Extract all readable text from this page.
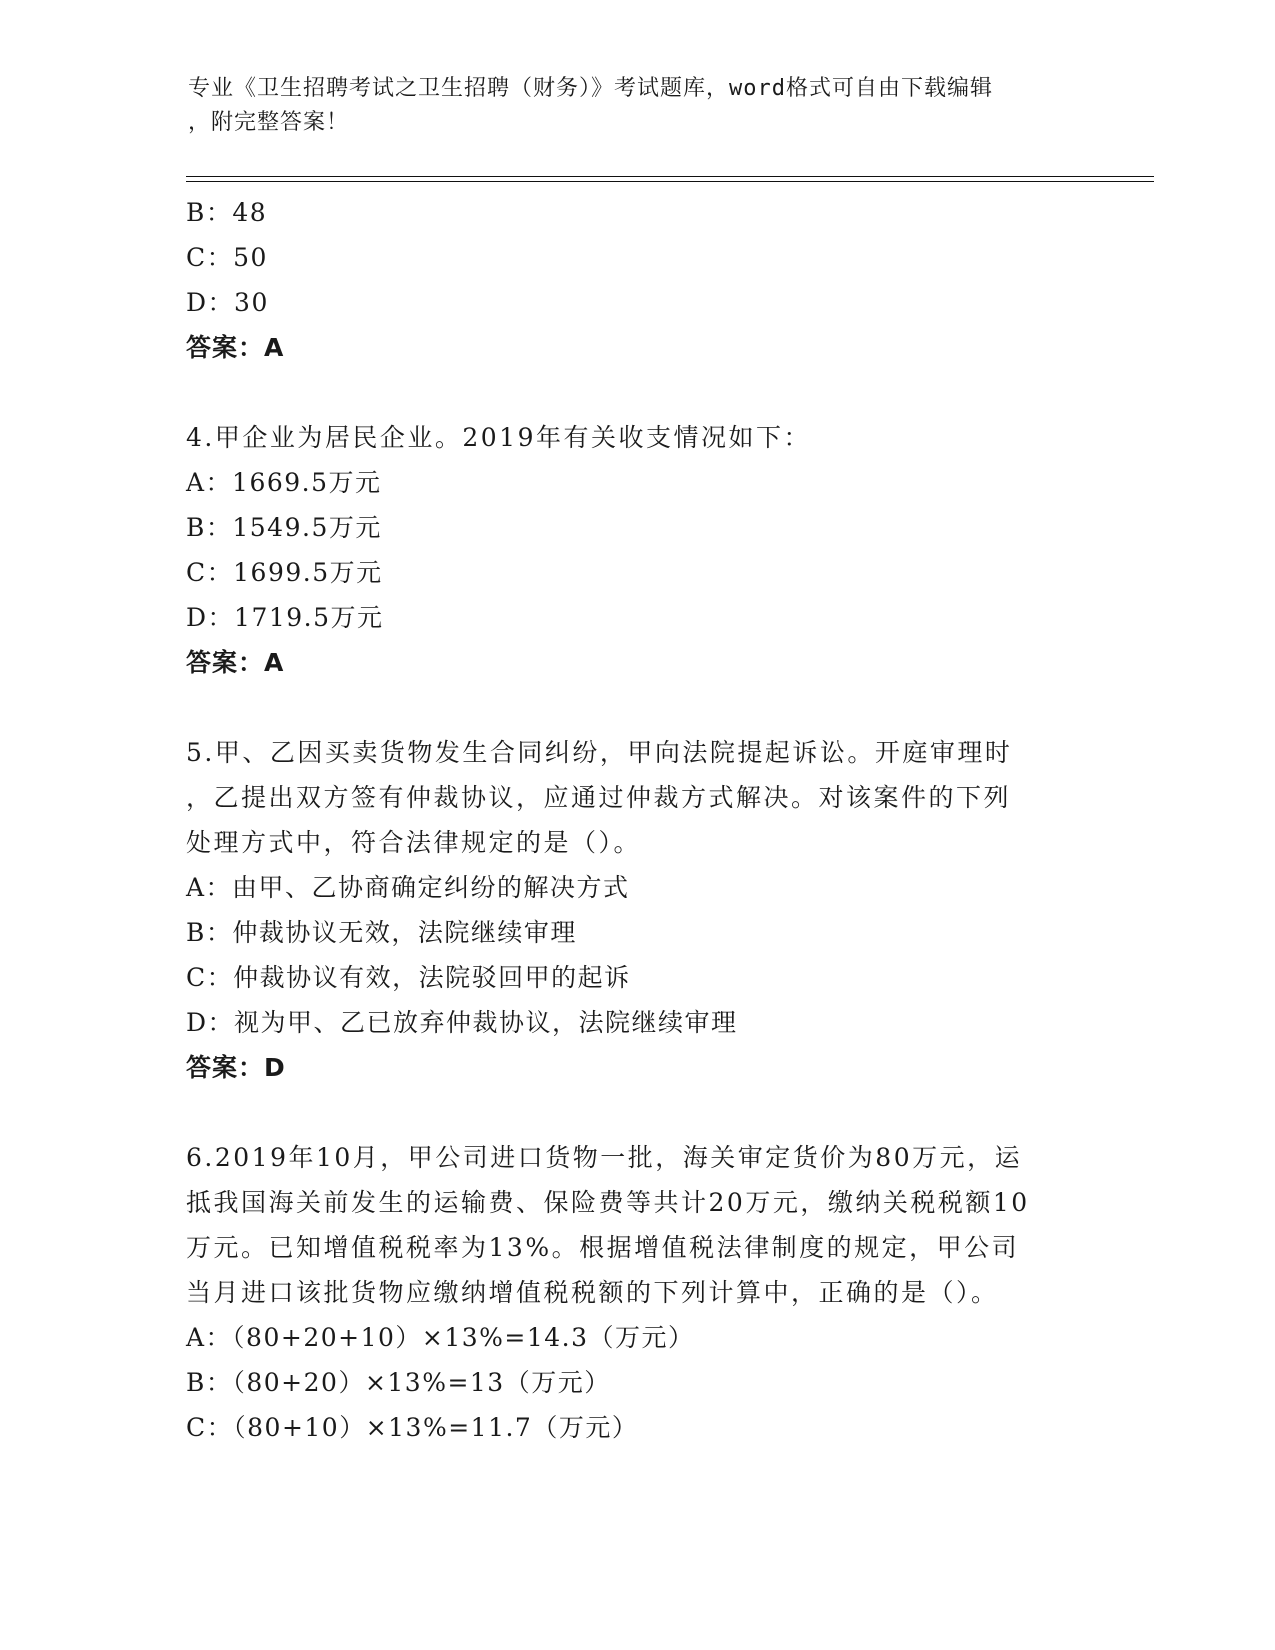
专业《卫生招聘考试之卫生招聘（财务）》考试题库，word格式可自由下载编辑
，附完整答案！
B：48
C：50
D：30
答案：A
4.甲企业为居民企业。2019年有关收支情况如下：
A：1669.5万元
B：1549.5万元
C：1699.5万元
D：1719.5万元
答案：A
5.甲、乙因买卖货物发生合同纠纷，甲向法院提起诉讼。开庭审理时
，乙提出双方签有仲裁协议，应通过仲裁方式解决。对该案件的下列
处理方式中，符合法律规定的是（）。
A：由甲、乙协商确定纠纷的解决方式
B：仲裁协议无效，法院继续审理
C：仲裁协议有效，法院驳回甲的起诉
D：视为甲、乙已放弃仲裁协议，法院继续审理
答案：D
6.2019年10月，甲公司进口货物一批，海关审定货价为80万元，运
抵我国海关前发生的运输费、保险费等共计20万元，缴纳关税税额10
万元。已知增值税税率为13%。根据增值税法律制度的规定，甲公司
当月进口该批货物应缴纳增值税税额的下列计算中，正确的是（）。
A：（80+20+10）×13%=14.3（万元）
B：（80+20）×13%=13（万元）
C：（80+10）×13%=11.7（万元）
